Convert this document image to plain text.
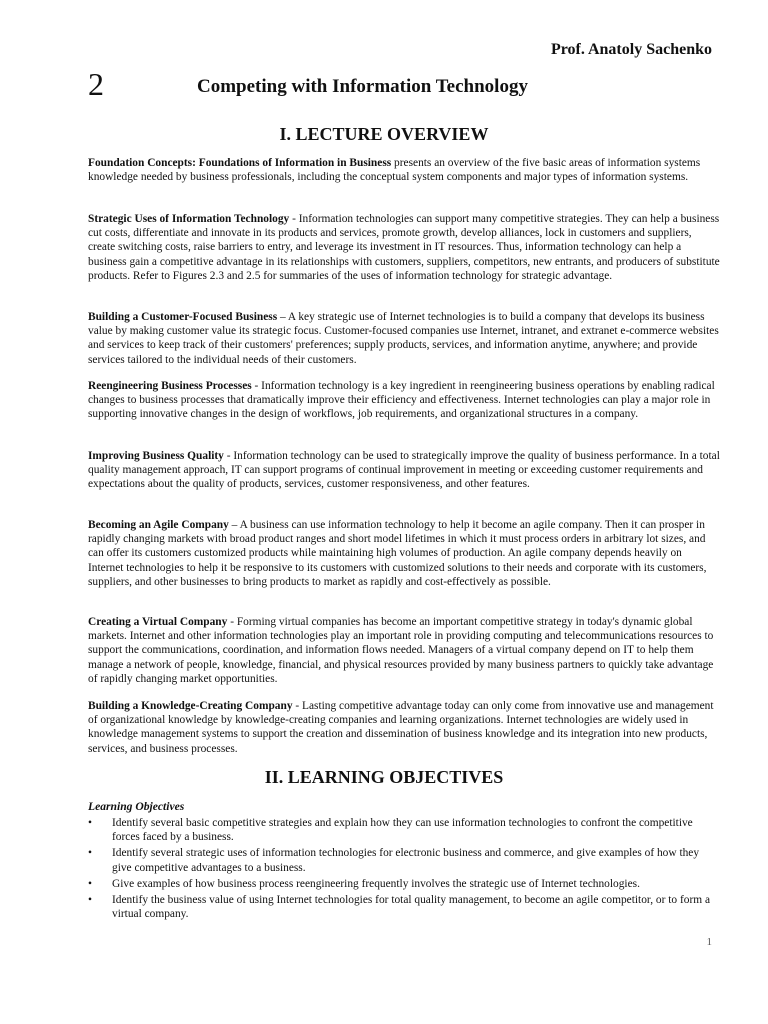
Prof. Anatoly Sachenko
2	Competing with Information Technology
I. LECTURE OVERVIEW

Foundation Concepts: Foundations of Information in Business presents an overview of the five basic areas of information systems knowledge needed by business professionals, including the conceptual system components and major types of information systems.

Strategic Uses of Information Technology - Information technologies can support many competitive strategies. They can help a business cut costs, differentiate and innovate in its products and services, promote growth, develop alliances, lock in customers and suppliers, create switching costs, raise barriers to entry, and leverage its investment in IT resources. Thus, information technology can help a business gain a competitive advantage in its relationships with customers, suppliers, competitors, new entrants, and producers of substitute products. Refer to Figures 2.3 and 2.5 for summaries of the uses of information technology for strategic advantage.

Building a Customer-Focused Business – A key strategic use of Internet technologies is to build a company that develops its business value by making customer value its strategic focus. Customer-focused companies use Internet, intranet, and extranet e-commerce websites and services to keep track of their customers' preferences; supply products, services, and information anytime, anywhere; and provide services tailored to the individual needs of their customers.

Reengineering Business Processes - Information technology is a key ingredient in reengineering business operations by enabling radical changes to business processes that dramatically improve their efficiency and effectiveness. Internet technologies can play a major role in supporting innovative changes in the design of workflows, job requirements, and organizational structures in a company.

Improving Business Quality - Information technology can be used to strategically improve the quality of business performance. In a total quality management approach, IT can support programs of continual improvement in meeting or exceeding customer requirements and expectations about the quality of products, services, customer responsiveness, and other features.

Becoming an Agile Company – A business can use information technology to help it become an agile company. Then it can prosper in rapidly changing markets with broad product ranges and short model lifetimes in which it must process orders in arbitrary lot sizes, and can offer its customers customized products while maintaining high volumes of production. An agile company depends heavily on Internet technologies to help it be responsive to its customers with customized solutions to their needs and corporate with its customers, suppliers, and other businesses to bring products to market as rapidly and cost-effectively as possible.

Creating a Virtual Company - Forming virtual companies has become an important competitive strategy in today's dynamic global markets. Internet and other information technologies play an important role in providing computing and telecommunications resources to support the communications, coordination, and information flows needed. Managers of a virtual company depend on IT to help them manage a network of people, knowledge, financial, and physical resources provided by many business partners to quickly take advantage of rapidly changing market opportunities.

Building a Knowledge-Creating Company - Lasting competitive advantage today can only come from innovative use and management of organizational knowledge by knowledge-creating companies and learning organizations. Internet technologies are widely used in knowledge management systems to support the creation and dissemination of business knowledge and its integration into new products, services, and business processes.

II. LEARNING OBJECTIVES
Learning Objectives
• Identify several basic competitive strategies and explain how they can use information technologies to confront the competitive forces faced by a business.
• Identify several strategic uses of information technologies for electronic business and commerce, and give examples of how they give competitive advantages to a business.
• Give examples of how business process reengineering frequently involves the strategic use of Internet technologies.
• Identify the business value of using Internet technologies for total quality management, to become an agile competitor, or to form a virtual company.
1
